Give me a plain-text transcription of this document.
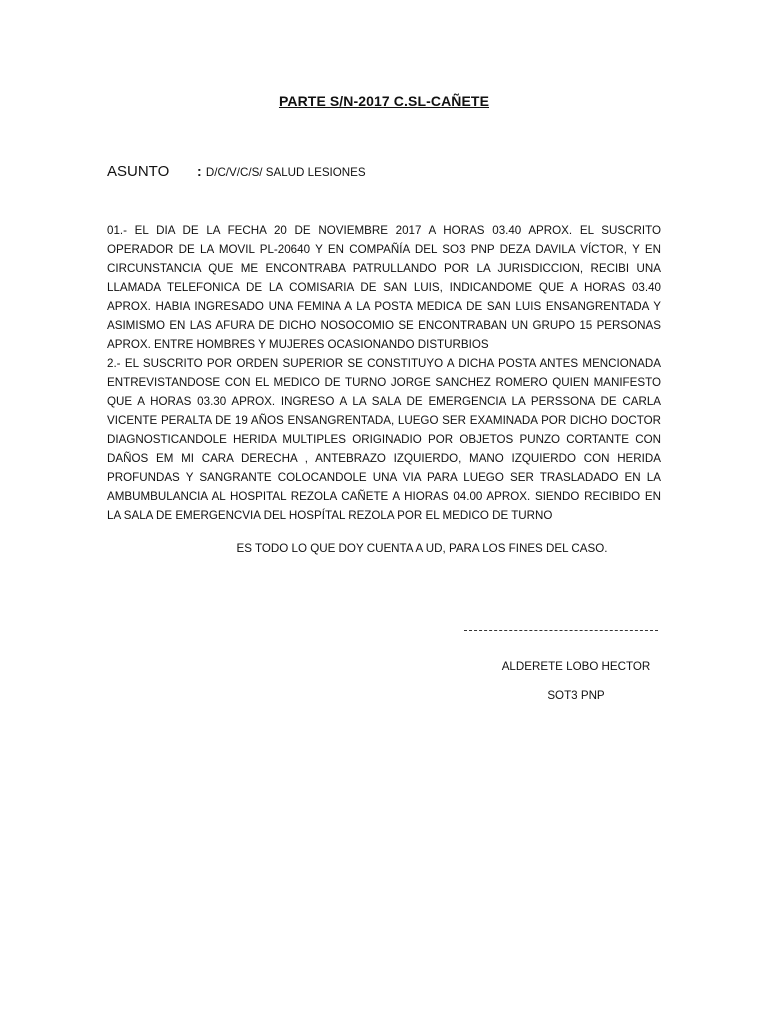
PARTE S/N-2017 C.SL-CAÑETE
ASUNTO : D/C/V/C/S/ SALUD LESIONES

01.- EL DIA DE LA FECHA 20 DE NOVIEMBRE 2017 A HORAS 03.40 APROX. EL SUSCRITO OPERADOR DE LA MOVIL PL-20640 Y EN COMPAÑÍA DEL SO3 PNP DEZA DAVILA VÍCTOR, Y EN CIRCUNSTANCIA QUE ME ENCONTRABA PATRULLANDO POR LA JURISDICCION, RECIBI UNA LLAMADA TELEFONICA DE LA COMISARIA DE SAN LUIS, INDICANDOME QUE A HORAS 03.40 APROX. HABIA INGRESADO UNA FEMINA A LA POSTA MEDICA DE SAN LUIS ENSANGRENTADA Y ASIMISMO EN LAS AFURA DE DICHO NOSOCOMIO SE ENCONTRABAN UN GRUPO 15 PERSONAS APROX. ENTRE HOMBRES Y MUJERES OCASIONANDO DISTURBIOS

2.- EL SUSCRITO POR ORDEN SUPERIOR SE CONSTITUYO A DICHA POSTA ANTES MENCIONADA ENTREVISTANDOSE CON EL MEDICO DE TURNO JORGE SANCHEZ ROMERO QUIEN MANIFESTO QUE A HORAS 03.30 APROX. INGRESO A LA SALA DE EMERGENCIA LA PERSSONA DE CARLA VICENTE PERALTA DE 19 AÑOS ENSANGRENTADA, LUEGO SER EXAMINADA POR DICHO DOCTOR DIAGNOSTICANDOLE HERIDA MULTIPLES ORIGINADIO POR OBJETOS PUNZO CORTANTE CON DAÑOS EM MI CARA DERECHA , ANTEBRAZO IZQUIERDO, MANO IZQUIERDO CON HERIDA PROFUNDAS Y SANGRANTE COLOCANDOLE UNA VIA PARA LUEGO SER TRASLADADO EN LA AMBUMBULANCIA AL HOSPITAL REZOLA CAÑETE A HIORAS 04.00 APROX. SIENDO RECIBIDO EN LA SALA DE EMERGENCVIA DEL HOSPÍTAL REZOLA POR EL MEDICO DE TURNO

ES TODO LO QUE DOY CUENTA A UD, PARA LOS FINES DEL CASO.
ALDERETE LOBO HECTOR
SOT3 PNP
